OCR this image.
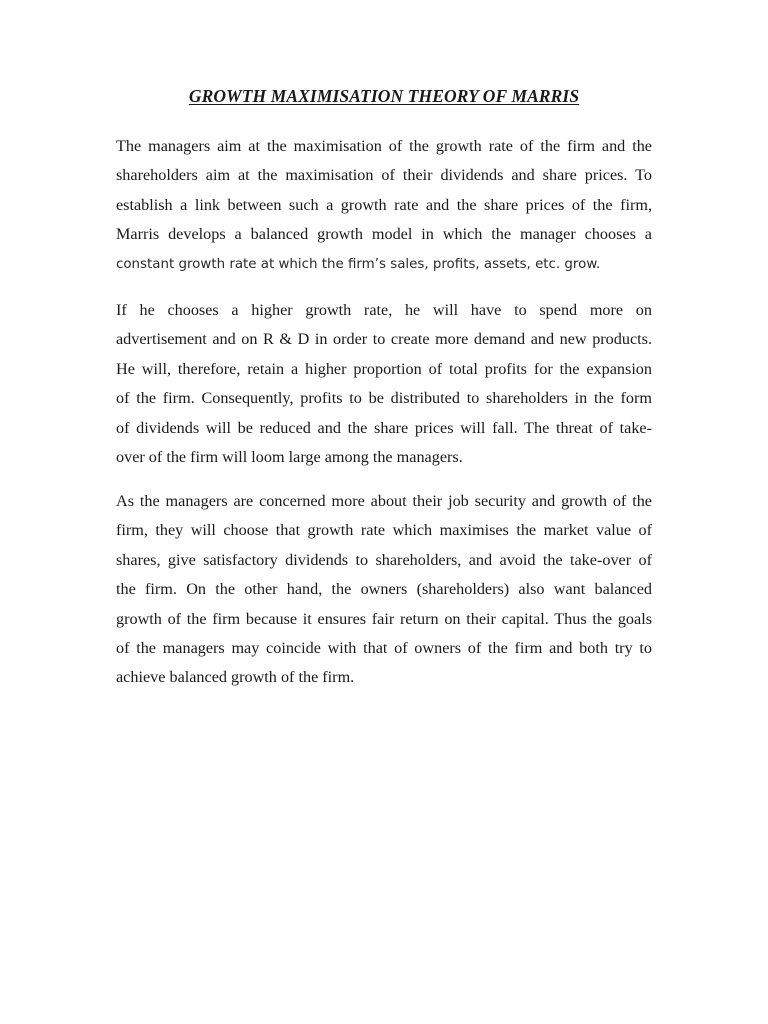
GROWTH MAXIMISATION THEORY OF MARRIS
The managers aim at the maximisation of the growth rate of the firm and the
shareholders aim at the maximisation of their dividends and share prices. To
establish a link between such a growth rate and the share prices of the firm,
Marris develops a balanced growth model in which the manager chooses a
constant growth rate at which the firm’s sales, profits, assets, etc. grow.
If he chooses a higher growth rate, he will have to spend more on
advertisement and on R & D in order to create more demand and new products.
He will, therefore, retain a higher proportion of total profits for the expansion
of the firm. Consequently, profits to be distributed to shareholders in the form
of dividends will be reduced and the share prices will fall. The threat of take-
over of the firm will loom large among the managers.
As the managers are concerned more about their job security and growth of the
firm, they will choose that growth rate which maximises the market value of
shares, give satisfactory dividends to shareholders, and avoid the take-over of
the firm. On the other hand, the owners (shareholders) also want balanced
growth of the firm because it ensures fair return on their capital. Thus the goals
of the managers may coincide with that of owners of the firm and both try to
achieve balanced growth of the firm.
